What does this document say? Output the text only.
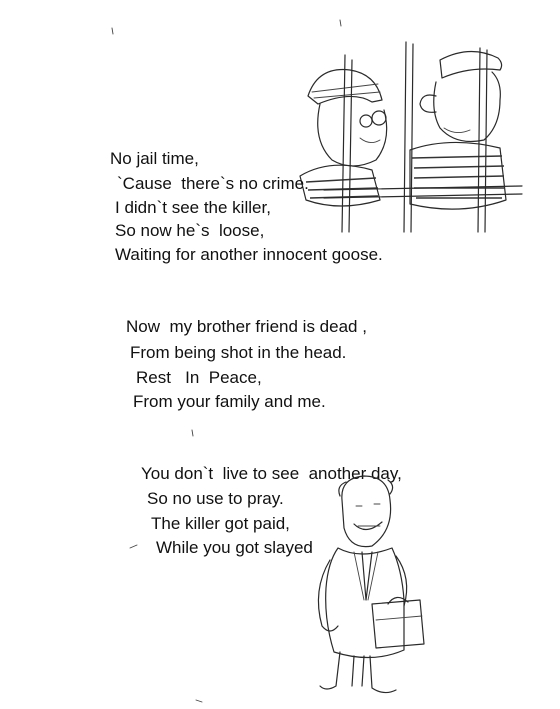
No jail time,
`Cause  there`s no crime.
I didn`t see the killer,
So now he`s  loose,
Waiting for another innocent goose.
Now  my brother friend is dead ,
From being shot in the head.
Rest   In  Peace,
From your family and me.
You don`t  live to see  another day,
So no use to pray.
The killer got paid,
While you got slayed
